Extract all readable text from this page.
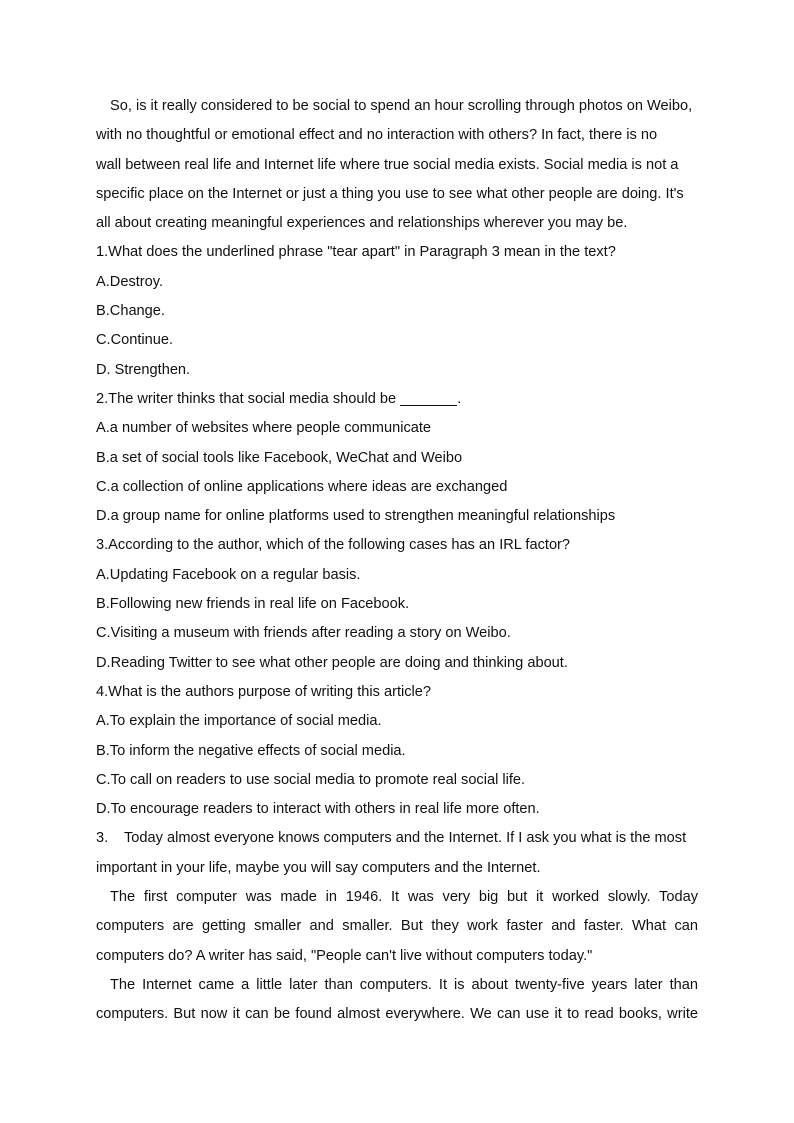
So, is it really considered to be social to spend an hour scrolling through photos on Weibo,
with no thoughtful or emotional effect and no interaction with others? In fact, there is no
wall between real life and Internet life where true social media exists. Social media is not a
specific place on the Internet or just a thing you use to see what other people are doing. It's
all about creating meaningful experiences and relationships wherever you may be.
1.What does the underlined phrase "tear apart" in Paragraph 3 mean in the text?
A.Destroy.
B.Change.
C.Continue.
D. Strengthen.
2.The writer thinks that social media should be	.
A.a number of websites where people communicate
B.a set of social tools like Facebook, WeChat and Weibo
C.a collection of online applications where ideas are exchanged
D.a group name for online platforms used to strengthen meaningful relationships
3.According to the author, which of the following cases has an IRL factor?
A.Updating Facebook on a regular basis.
B.Following new friends in real life on Facebook.
C.Visiting a museum with friends after reading a story on Weibo.
D.Reading Twitter to see what other people are doing and thinking about.
4.What is the authors purpose of writing this article?
A.To explain the importance of social media.
B.To inform the negative effects of social media.
C.To call on readers to use social media to promote real social life.
D.To encourage readers to interact with others in real life more often.
3. Today almost everyone knows computers and the Internet. If I ask you what is the most
important in your life, maybe you will say computers and the Internet.
The first computer was made in 1946. It was very big but it worked slowly. Today
computers are getting smaller and smaller. But they work faster and faster. What can
computers do? A writer has said, "People can't live without computers today."
The Internet came a little later than computers. It is about twenty-five years later than
computers. But now it can be found almost everywhere. We can use it to read books, write
